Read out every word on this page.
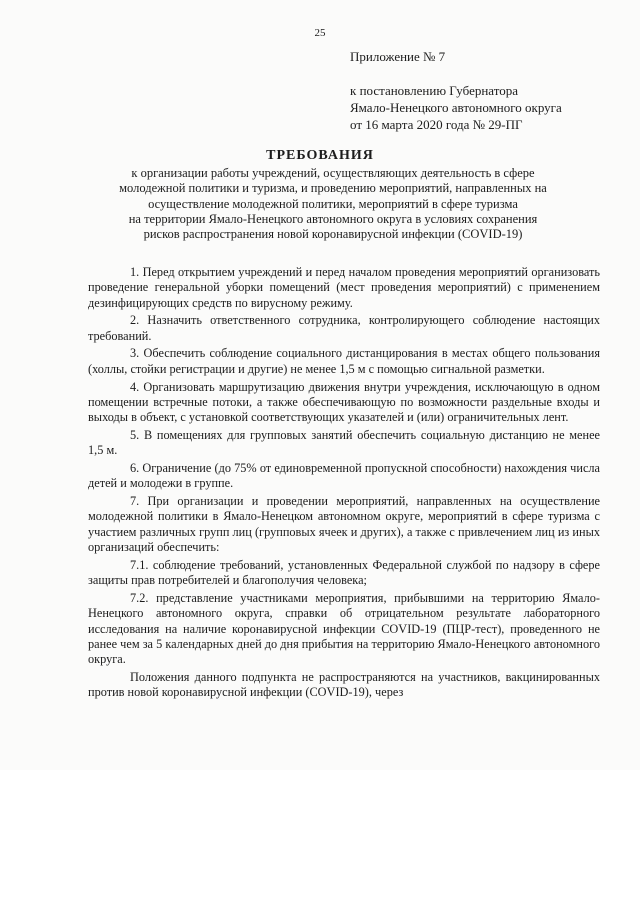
25
Приложение № 7
к постановлению Губернатора
Ямало-Ненецкого автономного округа
от 16 марта 2020 года № 29-ПГ
ТРЕБОВАНИЯ
к организации работы учреждений, осуществляющих деятельность в сфере
молодежной политики и туризма, и проведению мероприятий, направленных на
осуществление молодежной политики, мероприятий в сфере туризма
на территории Ямало-Ненецкого автономного округа в условиях сохранения
рисков распространения новой коронавирусной инфекции (COVID-19)

1. Перед открытием учреждений и перед началом проведения мероприятий организовать проведение генеральной уборки помещений (мест проведения мероприятий) с применением дезинфицирующих средств по вирусному режиму.

2. Назначить ответственного сотрудника, контролирующего соблюдение настоящих требований.

3. Обеспечить соблюдение социального дистанцирования в местах общего пользования (холлы, стойки регистрации и другие) не менее 1,5 м с помощью сигнальной разметки.

4. Организовать маршрутизацию движения внутри учреждения, исключающую в одном помещении встречные потоки, а также обеспечивающую по возможности раздельные входы и выходы в объект, с установкой соответствующих указателей и (или) ограничительных лент.

5. В помещениях для групповых занятий обеспечить социальную дистанцию не менее 1,5 м.

6. Ограничение (до 75% от единовременной пропускной способности) нахождения числа детей и молодежи в группе.

7. При организации и проведении мероприятий, направленных на осуществление молодежной политики в Ямало-Ненецком автономном округе, мероприятий в сфере туризма с участием различных групп лиц (групповых ячеек и других), а также с привлечением лиц из иных организаций обеспечить:

7.1. соблюдение требований, установленных Федеральной службой по надзору в сфере защиты прав потребителей и благополучия человека;

7.2. представление участниками мероприятия, прибывшими на территорию Ямало-Ненецкого автономного округа, справки об отрицательном результате лабораторного исследования на наличие коронавирусной инфекции COVID-19 (ПЦР-тест), проведенного не ранее чем за 5 календарных дней до дня прибытия на территорию Ямало-Ненецкого автономного округа.

Положения данного подпункта не распространяются на участников, вакцинированных против новой коронавирусной инфекции (COVID-19), через
